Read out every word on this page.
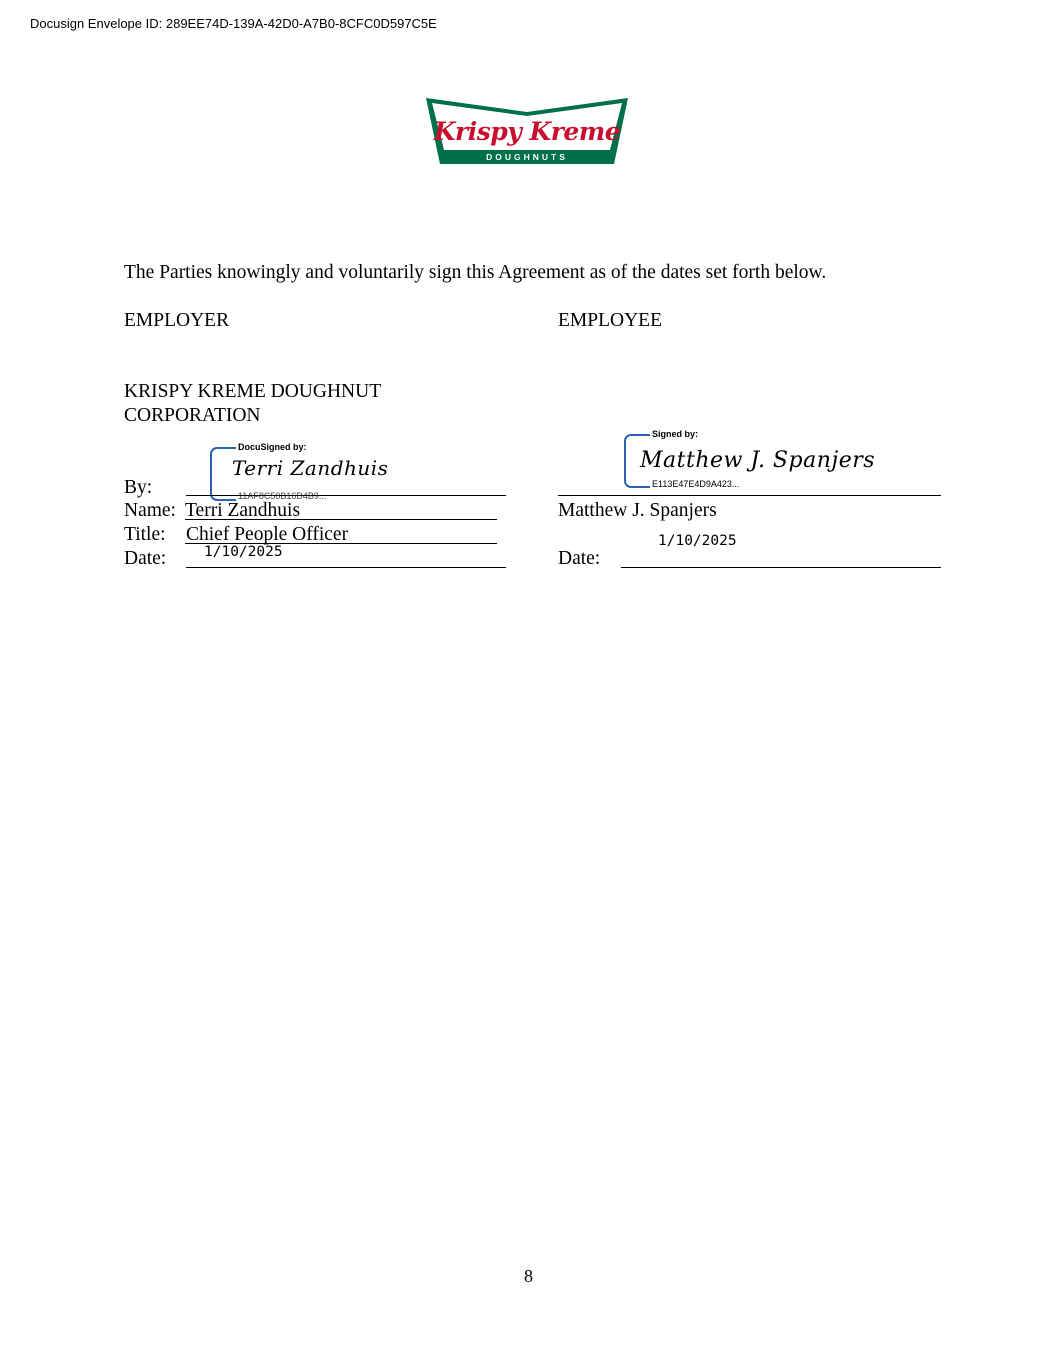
Docusign Envelope ID: 289EE74D-139A-42D0-A7B0-8CFC0D597C5E
Krispy Kreme
DOUGHNUTS
The Parties knowingly and voluntarily sign this Agreement as of the dates set forth below.
EMPLOYER	EMPLOYEE
KRISPY KREME DOUGHNUT
CORPORATION
DocuSigned by:
Terri Zandhuis
11AF8C50B16D4B9...
By:
Name: Terri Zandhuis
Title: Chief People Officer
Date:	1/10/2025
Signed by:
Matthew J. Spanjers
E113E47E4D9A423...
Matthew J. Spanjers
1/10/2025
Date:
8
